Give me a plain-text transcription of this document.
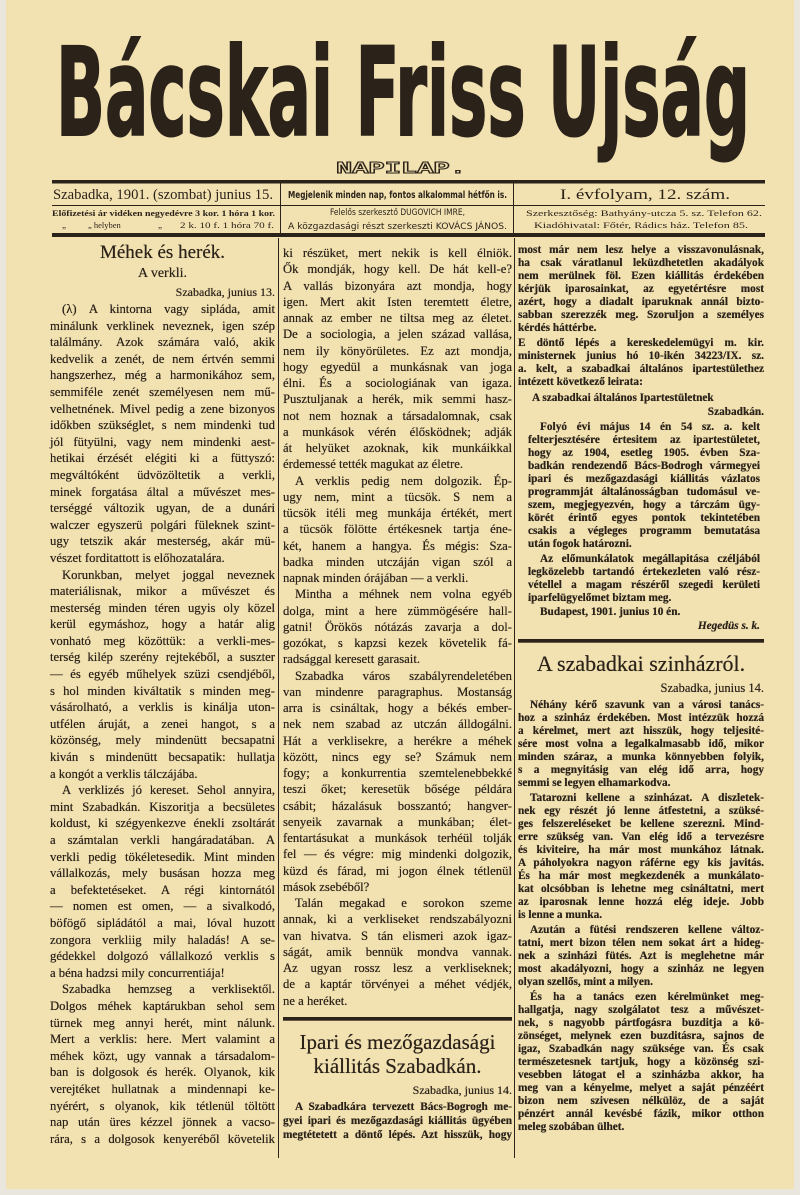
Bácskai Friss Ujság
NAPILAP.
Szabadka, 1901. (szombat) junius 15. Megjelenik minden nap, fontos alkalommal hétfőn is.
I. évfolyam, 12. szám.
Előfizetési ár vidéken negyedévre 3 kor. 1 hóra 1 kor.
„	„ helyben	„ 2 k. 10 f. 1 hóra 70 f.
Felelős szerkesztő DUGOVICH IMRE,
A közgazdasági részt szerkeszti KOVÁCS JÁNOS.
Szerkesztőség: Bathyány-utcza 5. sz. Telefon 62.
Kiadóhivatal: Főtér, Rádics ház. Telefon 85.
Méhek és herék.
A verkli.
Szabadka, junius 13.
(λ) A kintorna vagy sipláda, amit
minálunk verklinek neveznek, igen szép
találmány. Azok számára való, akik
kedvelik a zenét, de nem értvén semmi
hangszerhez, még a harmonikához sem,
semmiféle zenét személyesen nem mű-
velhetnének. Mivel pedig a zene bizonyos
időkben szükséglet, s nem mindenki tud
jól fütyülni, vagy nem mindenki aest-
hetikai érzését elégiti ki a füttyszó:
megváltóként üdvözöltetik a verkli,
minek forgatása által a művészet mes-
terséggé változik ugyan, de a dunári
walczer egyszerü polgári füleknek szint-
ugy tetszik akár mesterség, akár mü-
vészet forditattott is előhozatalára.
Korunkban, melyet joggal neveznek
materiálisnak, mikor a művészet és
mesterség minden téren ugyis oly közel
kerül egymáshoz, hogy a határ alig
vonható meg közöttük: a verkli-mes-
terség kilép szerény rejtekéből, a suszter
— és egyéb műhelyek szüzi csendjéből,
s hol minden kiváltatik s minden meg-
vásárolható, a verklis is kinálja uton-
utfélen áruját, a zenei hangot, s a
közönség, mely mindenütt becsapatni
kiván s mindenütt becsapatik: hullatja
a kongót a verklis tálczájába.
A verklizés jó kereset. Sehol annyira,
mint Szabadkán. Kiszoritja a becsületes
koldust, ki szégyenkezve énekli zsoltárát
a számtalan verkli hangáradatában. A
verkli pedig tökéletesedik. Mint minden
vállalkozás, mely busásan hozza meg
a befektetéseket. A régi kintornától
— nomen est omen, — a sivalkodó,
böfögő sipládától a mai, lóval huzott
zongora verkliig mily haladás! A se-
gédekkel dolgozó vállalkozó verklis s
a béna hadzsi mily concurrentiája!
Szabadka hemzseg a verklisektől.
Dolgos méhek kaptárukban sehol sem
türnek meg annyi herét, mint nálunk.
Mert a verklis: here. Mert valamint a
méhek közt, ugy vannak a társadalom-
ban is dolgosok és herék. Olyanok, kik
verejtéket hullatnak a mindennapi ke-
nyérért, s olyanok, kik tétlenül töltött
nap után üres kézzel jönnek a vacso-
rára, s a dolgosok kenyeréből követelik
ki részüket, mert nekik is kell élniök.
Ők mondják, hogy kell. De hát kell-e?
A vallás bizonyára azt mondja, hogy
igen. Mert akit Isten teremtett életre,
annak az ember ne tiltsa meg az életet.
De a sociologia, a jelen század vallása,
nem ily könyörületes. Ez azt mondja,
hogy egyedül a munkásnak van joga
élni. És a sociologiának van igaza.
Pusztuljanak a herék, mik semmi hasz-
not nem hoznak a társadalomnak, csak
a munkások vérén élősködnek; adják
át helyüket azoknak, kik munkáikkal
érdemessé tették magukat az életre.
A verklis pedig nem dolgozik. Ép-
ugy nem, mint a tücsök. S nem a
tücsök itéli meg munkája értékét, mert
a tücsök fölötte értékesnek tartja éne-
két, hanem a hangya. És mégis: Sza-
badka minden utczáján vigan szól a
napnak minden órájában — a verkli.
Mintha a méhnek nem volna egyéb
dolga, mint a here zümmögésére hall-
gatni! Örökös nótázás zavarja a dol-
gozókat, s kapzsi kezek követelik fá-
radsággal keresett garasait.
Szabadka város szabályrendeletében
van mindenre paragraphus. Mostanság
arra is csináltak, hogy a békés ember-
nek nem szabad az utczán álldogálni.
Hát a verklisekre, a herékre a méhek
között, nincs egy se? Számuk nem
fogy; a konkurrentia szemtelenebbekké
teszi őket; keresetük bősége példára
csábit; házalásuk bosszantó; hangver-
senyeik zavarnak a munkában; élet-
fentartásukat a munkások terhéül tolják
fel — és végre: mig mindenki dolgozik,
küzd és fárad, mi jogon élnek tétlenül
mások zsebéből?
Talán megakad e sorokon szeme
annak, ki a verkliseket rendszabályozni
van hivatva. S tán elismeri azok igaz-
ságát, amik bennük mondva vannak.
Az ugyan rossz lesz a verkliseknek;
de a kaptár törvényei a méhet védjék,
ne a heréket.
Ipari és mezőgazdasági
kiállitás Szabadkán.
Szabadka, junius 14.
A Szabadkára tervezett Bács-Bogrogh me-
gyei ipari és mezőgazdasági kiállitás ügyében
megtétetett a döntő lépés. Azt hisszük, hogy
most már nem lesz helye a visszavonulásnak,
ha csak váratlanul leküzdhetetlen akadályok
nem merülnek föl. Ezen kiállitás érdekében
kérjük iparosainkat, az egyetértésre most
azért, hogy a diadalt iparuknak annál bizto-
sabban szerezzék meg. Szoruljon a személyes
kérdés háttérbe.
E döntő lépés a kereskedelemügyi m. kir.
ministernek junius hó 10-ikén 34223/IX. sz.
a. kelt, a szabadkai általános ipartestülethez
intézett következő leirata:
A szabadkai általános Ipartestületnek
Szabadkán.
Folyó évi május 14 én 54 sz. a. kelt
felterjesztésére értesitem az ipartestületet,
hogy az 1904, esetleg 1905. évben Sza-
badkán rendezendő Bács-Bodrogh vármegyei
ipari és mezőgazdasági kiállitás vázlatos
programmját általánosságban tudomásul ve-
szem, megjegyezvén, hogy a tárczám ügy-
körét érintő egyes pontok tekintetében
csakis a végleges programm bemutatása
után fogok határozni.
Az előmunkálatok megállapitása czéljából
legközelebb tartandó értekezleten való rész-
vétellel a magam részéről szegedi kerületi
iparfelügyelőmet biztam meg.
Budapest, 1901. junius 10 én.
Hegedüs s. k.
A szabadkai szinházról.
Szabadka, junius 14.
Néhány kérő szavunk van a városi tanács-
hoz a szinház érdekében. Most intézzük hozzá
a kérelmet, mert azt hisszük, hogy teljesité-
sére most volna a legalkalmasabb idő, mikor
minden száraz, a munka könnyebben folyik,
s a megnyitásig van elég idő arra, hogy
semmi se legyen elhamarkodva.
Tatarozni kellene a szinházat. A diszletek-
nek egy részét jó lenne átfestetni, a szüksé-
ges felszereléseket be kellene szerezni. Mind-
erre szükség van. Van elég idő a tervezésre
és kiviteire, ha már most munkához látnak.
A páholyokra nagyon ráférne egy kis javitás.
És ha már most megkezdenék a munkálato-
kat olcsóbban is lehetne meg csináltatni, mert
az iparosnak lenne hozzá elég ideje. Jobb
is lenne a munka.
Azután a fütési rendszeren kellene változ-
tatni, mert bizon télen nem sokat árt a hideg-
nek a szinházi fütés. Azt is meglehetne már
most akadályozni, hogy a szinház ne legyen
olyan szellős, mint a milyen.
És ha a tanács ezen kérelmünket meg-
hallgatja, nagy szolgálatot tesz a művészet-
nek, s nagyobb pártfogásra buzditja a kö-
zönséget, melynek ezen buzditásra, sajnos de
igaz, Szabadkán nagy szüksége van. És csak
természetesnek tartjuk, hogy a közönség szi-
vesebben látogat el a szinházba akkor, ha
meg van a kényelme, melyet a saját pénzéért
bizon nem szivesen nélkülöz, de a saját
pénzért annál kevésbé fázik, mikor otthon
meleg szobában ülhet.
